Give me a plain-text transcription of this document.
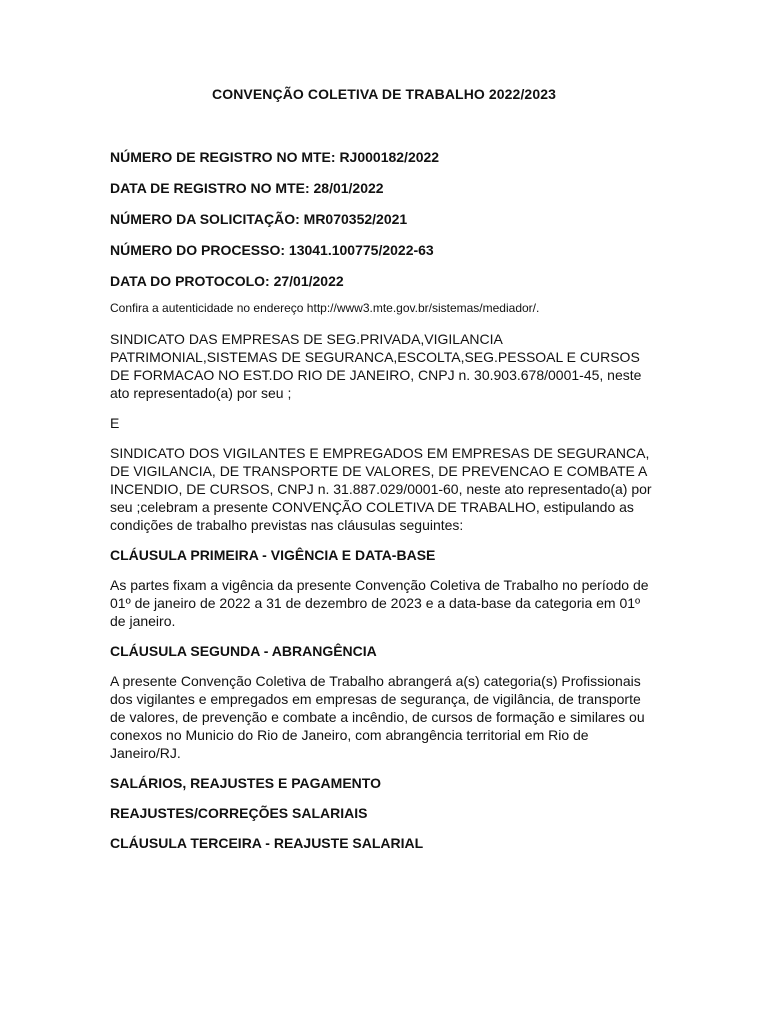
CONVENÇÃO COLETIVA DE TRABALHO 2022/2023
NÚMERO DE REGISTRO NO MTE: RJ000182/2022
DATA DE REGISTRO NO MTE: 28/01/2022
NÚMERO DA SOLICITAÇÃO: MR070352/2021
NÚMERO DO PROCESSO: 13041.100775/2022-63
DATA DO PROTOCOLO: 27/01/2022
Confira a autenticidade no endereço http://www3.mte.gov.br/sistemas/mediador/.
SINDICATO DAS EMPRESAS DE SEG.PRIVADA,VIGILANCIA PATRIMONIAL,SISTEMAS DE SEGURANCA,ESCOLTA,SEG.PESSOAL E CURSOS DE FORMACAO NO EST.DO RIO DE JANEIRO, CNPJ n. 30.903.678/0001-45, neste ato representado(a) por seu ;
E
SINDICATO DOS VIGILANTES E EMPREGADOS EM EMPRESAS DE SEGURANCA, DE VIGILANCIA, DE TRANSPORTE DE VALORES, DE PREVENCAO E COMBATE A INCENDIO, DE CURSOS, CNPJ n. 31.887.029/0001-60, neste ato representado(a) por seu ;celebram a presente CONVENÇÃO COLETIVA DE TRABALHO, estipulando as condições de trabalho previstas nas cláusulas seguintes:
CLÁUSULA PRIMEIRA - VIGÊNCIA E DATA-BASE
As partes fixam a vigência da presente Convenção Coletiva de Trabalho no período de 01º de janeiro de 2022 a 31 de dezembro de 2023 e a data-base da categoria em 01º de janeiro.
CLÁUSULA SEGUNDA - ABRANGÊNCIA
A presente Convenção Coletiva de Trabalho abrangerá a(s) categoria(s) Profissionais dos vigilantes e empregados em empresas de segurança, de vigilância, de transporte de valores, de prevenção e combate a incêndio, de cursos de formação e similares ou conexos no Municio do Rio de Janeiro, com abrangência territorial em Rio de Janeiro/RJ.
SALÁRIOS, REAJUSTES E PAGAMENTO
REAJUSTES/CORREÇÕES SALARIAIS
CLÁUSULA TERCEIRA - REAJUSTE SALARIAL
